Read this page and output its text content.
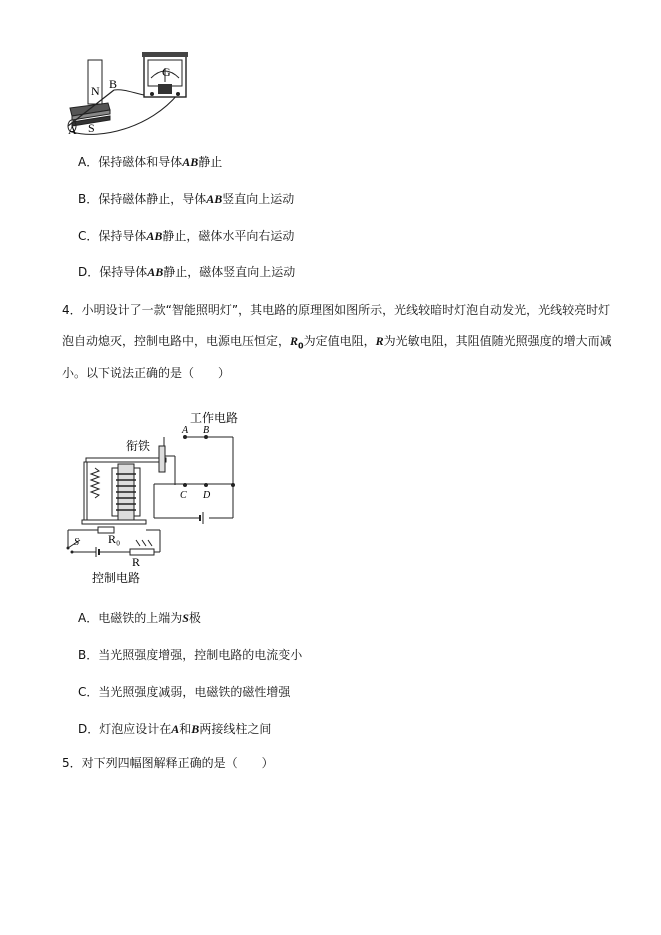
N B
A S
G
A．保持磁体和导体AB静止
B．保持磁体静止，导体AB竖直向上运动
C．保持导体AB静止，磁体水平向右运动
D．保持导体AB静止，磁体竖直向上运动
4．小明设计了一款“智能照明灯”，其电路的原理图如图所示，光线较暗时灯泡自动发光，光线较亮时灯
泡自动熄灭，控制电路中，电源电压恒定，$R_0$为定值电阻，R为光敏电阻，其阻值随光照强度的增大而减
小。以下说法正确的是（　　）
工作电路
衔铁
控制电路
A B
C D
S R₀
R
A．电磁铁的上端为S极
B．当光照强度增强，控制电路的电流变小
C．当光照强度减弱，电磁铁的磁性增强
D．灯泡应设计在A和B两接线柱之间
5．对下列四幅图解释正确的是（　　）
